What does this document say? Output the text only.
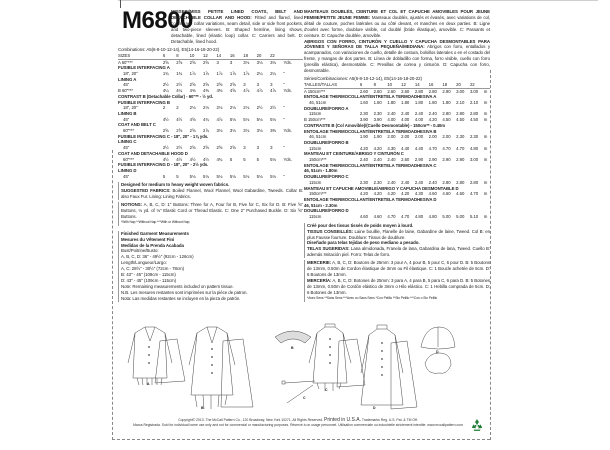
M6800
MISSES'/MISS PETITE LINED COATS, BELT AND DETACHABLE COLLAR AND HOOD: Fitted and flared, lined coats have collar variations, seam detail, side or side front pockets, and two-piece sleeves. B: Shaped hemline, lining shows, detachable, lined (elastic loop) collar. C: Carriers and belt. D: Detachable, lined hood.
Combinations: A5(6-8-10-12-14), E5(14-16-18-20-22)
SIZES	6	8	10	12	14	16	18	20	22	
A 60"***	2⅝	2⅝	2⅝	2⅝	3	3	3⅛	3⅛	3⅛	Yds.
FUSIBLE INTERFACING A										
18", 20"	1¾	1¾	1⅞	1⅞	1⅞	1⅞	1⅞	2¼	2¼	"
LINING A										
45"	2½	2½	2⅝	2⅝	2⅝	2⅝	3	3	3	"
B 60"***	4¼	4¼	4⅜	4⅜	4⅜	4⅝	4⅞	4⅞	4⅞	Yds.
CONTRAST B (Detachable Collar) - 60"** - ½ yd.										
FUSIBLE INTERFACING B										
18", 20"	2	2	2⅛	2⅛	2⅛	2⅛	2⅛	2½	2½	"
LINING B										
45"	4½	4½	4⅝	4¾	4⅞	5⅛	5⅛	5⅛	5⅛	"
COAT AND BELT C										
60"***	2⅝	2⅝	2⅝	2⅞	3⅛	3⅛	3⅛	3⅛	3⅜	Yds.
FUSIBLE INTERFACING C - 18", 20" - 1⅞ yds.										
LINING C										
45"	2½	2½	2⅝	2⅝	2⅝	2⅝	3	3	3	"
COAT AND DETACHABLE HOOD D										
60"***	4½	4½	4½	4½	4¾	5	5	5	5⅛	Yds.
FUSIBLE INTERFACING D - 18", 20" - 2½ yds.										
LINING D										
45"	5	5	5⅛	5⅛	5⅛	5⅛	5⅛	5⅛	5⅛	"
Designed for medium to heavy weight woven fabrics.
SUGGESTED FABRICS: Boiled Flannel, Wool Flannel, Wool Gabardine, Tweeds. Collar B: also Faux Fur. Lining: Lining Fabrics.
NOTIONS: A, B, C, D: 1" Buttons: Three for A, Four for B, Five for C, Six for D. B: Five ⅝" Buttons, ⅛ yd. of ⅛" Elastic Cord or Thread Elastic. C: One 2" Purchased Buckle. D: Six ⅝" Buttons.
*With Nap **Without Nap ***With or Without Nap
Finished Garment Measurements
Mesures du Vêtement Fini
Medidas de la Prenda Acabada
Bust/Poitrine/Busto:
A, B, C, D: 36" - 49½" (92cm - 126cm)
Length/Longueur/Largo:
A, C: 28½" - 30½" (72cm - 78cm)
B: 43" - 45" (109cm - 115cm)
D: 43" - 45" (109cm - 115cm)
Note: Remaining measurements included on pattern tissue.
N.B. Les mesures restantes sont imprimées sur la pièce de patron.
Nota: Las medidas restantes se incluyen en la pieza de patrón.
MANTEAUX DOUBLÉS, CEINTURE ET COL ET CAPUCHE AMOVIBLES POUR JEUNE FEMME/PETITE JEUNE FEMME: Manteaux doublés, ajustés et évasés, avec variations de col, détail de couture, poches latérales ou au côté devant, et manches en deux parties. B: Ligne d'ourlet avec forme, doublure visible, col doublé (bride élastique), amovible. C: Passants et ceinture. D: Capuche doublée, amovible.
ABRIGOS CON FORRO, CINTURÓN Y CUELLO Y CAPUCHA DESMONTABLES PARA JÓVENES Y SEÑORAS DE TALLA PEQUEÑA/MEDIANA: Abrigos con forro, entallados y acampanados, con variaciones de cuello, detalle de costura, bolsillos laterales o en el costado del frente, y mangas de dos partes. B: Línea de dobladillo con forma, forro visible, cuello con forro (presilla elástica), desmontable. C: Presillas de correa y cinturón. D: Capucha con forro, desmontable.
Séries/Combinaciones: A5(6-8-10-12-14), E5(14-16-18-20-22)
TAILLES/TALLAS	6	8	10	12	14	16	18	20	22	
A 150cm***	2.60	2.60	2.60	2.60	2.80	2.80	2.90	3.00	3.00	m
ENTOILAGE THERMOCOLLANT/ENTRETELA TERMOADHESIVA A										
46, 51cm	1.60	1.60	1.80	1.80	1.80	1.80	1.80	2.10	2.10	m
DOUBLURE/FORRO A										
115cm	2.30	2.30	2.40	2.40	2.40	2.40	2.80	2.80	2.80	m
B 150cm***	3.90	3.90	4.00	4.00	4.00	4.20	4.50	4.50	4.50	m
CONTRASTE B (Col Amovible)/(Cuello Desmontable) - 150cm** - 0.40m										
ENTOILAGE THERMOCOLLANT/ENTRETELA TERMOADHESIVA B										
46, 51cm	1.90	1.90	2.00	2.00	2.00	2.00	2.00	2.30	2.30	m
DOUBLURE/FORRO B										
115cm	4.20	4.20	4.30	4.40	4.40	4.70	4.70	4.70	4.80	m
MANTEAU ET CEINTURE/ABRIGO Y CINTURÓN C										
150cm***	2.40	2.40	2.40	2.60	2.90	2.90	2.90	2.90	3.00	m
ENTOILAGE THERMOCOLLANT/ENTRETELA TERMOADHESIVA C										
46, 51cm - 1.80m										
DOUBLURE/FORRO C										
115cm	2.30	2.30	2.40	2.40	2.40	2.40	2.80	2.80	2.80	m
MANTEAU ET CAPUCHE AMOVIBLE/ABRIGO Y CAPUCHA DESMONTABLE D										
150cm***	4.20	4.20	4.20	4.20	4.30	4.60	4.60	4.60	4.70	m
ENTOILAGE THERMOCOLLANT/ENTRETELA TERMOADHESIVA D										
46, 51cm - 2.30m										
DOUBLURE/FORRO D										
115cm	4.60	4.60	4.70	4.70	4.80	4.80	5.00	5.00	5.10	m
Créé pour des tissus tissés de poids moyen à lourd.
TISSUS CONSEILLÉS: Laine bouillie, Flanelle de laine, Gabardine de laine, Tweed. Col B: en plus Fausse fourrure. Doublure: Tissus de doublure.
Diseñado para telas tejidas de peso mediano a pesado.
TELAS SUGERIDAS: Lana almidonada, Franela de lana, Gabardina de lana, Tweed. Cuello B: además Imitación piel. Forro: Telas de forro.
MERCERIE: A, B, C, D: Boutons de 25mm: 3 pour A, 4 pour B, 5 pour C, 6 pour D. B: 5 Boutons de 13mm, 0.50m de Cordon élastique de 3mm ou Fil élastique. C: 1 Boucle achetée de 5cm. D: 6 Boutons de 13mm.
MERCERÍA: A, B, C, D: Botones de 25mm: 3 para A, 4 para B, 5 para C, 6 para D. B: 5 Botones de 13mm, 0.50m de Cordón elástico de 3mm o Hilo elástico. C: 1 Hebilla comprada de 5cm. D: 6 Botones de 13mm.
*Avec Sens **Sans Sens ***Avec ou Sans Sens *Con Pelillo **Sin Pelillo ***Con o Sin Pelillo
A
B
B
C
C
D
D
Copyright© 2013. The McCall Pattern Co., 120 Broadway, New York 10271, All Rights Reserved. Printed in U.S.A. Trademarks Reg. U.S. Pat. & TM Off.
Marca Registrada. Sold for individual home use only and not for commercial or manufacturing purposes. Réservé à un usage personnel. Utilisation commerciale ou industrielle strictement interdite. www.mccallpattern.com
